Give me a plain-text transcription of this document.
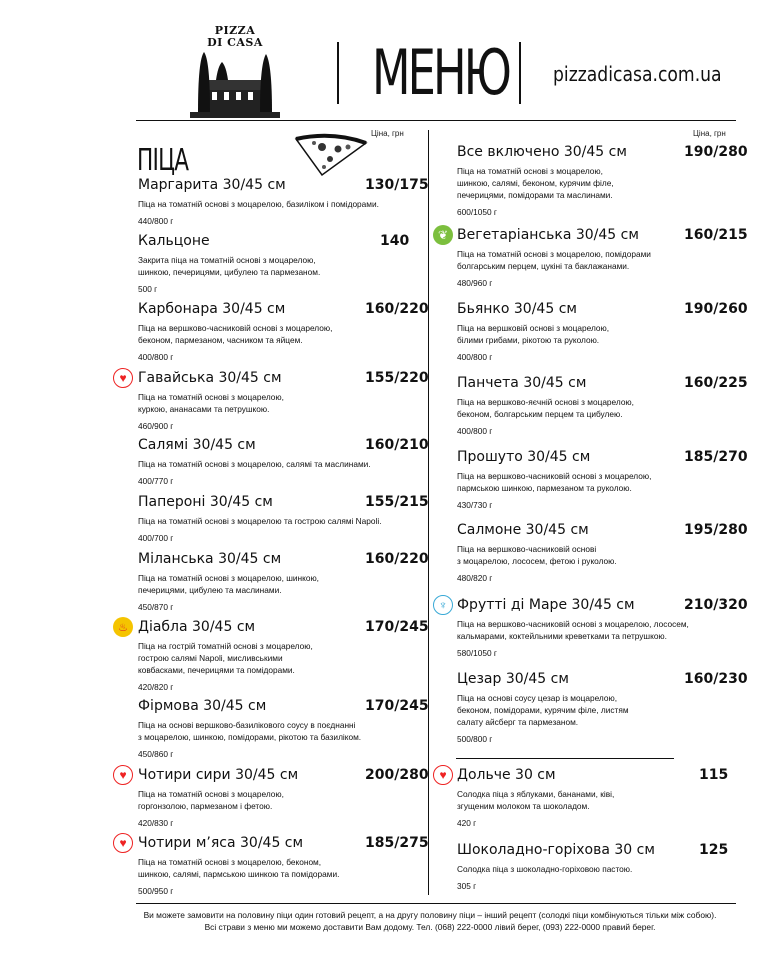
PIZZA
DI CASA МЕНЮ pizzadicasa.com.ua
Ціна, грн	Ціна, грн
ПІЦА
Маргарита 30/45 см	130/175
Піца на томатній основі з моцарелою, базиліком і помідорами.
440/800 г
Кальцоне	140
Закрита піца на томатній основі з моцарелою,
шинкою, печерицями, цибулею та пармезаном.
500 г
Карбонара 30/45 см	160/220
Піца на вершково-часниковій основі з моцарелою,
беконом, пармезаном, часником та яйцем.
400/800 г
Гавайська 30/45 см	155/220
Піца на томатній основі з моцарелою,
куркою, ананасами та петрушкою.
460/900 г
Салямі 30/45 см	160/210
Піца на томатній основі з моцарелою, салямі та маслинами.
400/770 г
Папероні 30/45 см	155/215
Піца на томатній основі з моцарелою та гострою салямі Napoli.
400/700 г
Міланська 30/45 см	160/220
Піца на томатній основі з моцарелою, шинкою,
печерицями, цибулею та маслинами.
450/870 г
Діабла 30/45 см	170/245
Піца на гострій томатній основі з моцарелою,
гострою салямі Napoli, мисливськими
ковбасками, печерицями та помідорами.
420/820 г
Фірмова 30/45 см	170/245
Піца на основі вершково-базилікового соусу в поєднанні
з моцарелою, шинкою, помідорами, рікотою та базиліком.
450/860 г
Чотири сири 30/45 см	200/280
Піца на томатній основі з моцарелою,
горгонзолою, пармезаном і фетою.
420/830 г
Чотири м’яса 30/45 см	185/275
Піца на томатній основі з моцарелою, беконом,
шинкою, салямі, пармською шинкою та помідорами.
500/950 г
Все включено 30/45 см	190/280
Піца на томатній основі з моцарелою,
шинкою, салямі, беконом, курячим філе,
печерицями, помідорами та маслинами.
600/1050 г
Вегетаріанська 30/45 см	160/215
Піца на томатній основі з моцарелою, помідорами
болгарським перцем, цукіні та баклажанами.
480/960 г
Бьянко 30/45 см	190/260
Піца на вершковій основі з моцарелою,
білими грибами, рікотою та руколою.
400/800 г
Панчета 30/45 см	160/225
Піца на вершково-яєчній основі з моцарелою,
беконом, болгарським перцем та цибулею.
400/800 г
Прошуто 30/45 см	185/270
Піца на вершково-часниковій основі з моцарелою,
пармською шинкою, пармезаном та руколою.
430/730 г
Салмоне 30/45 см	195/280
Піца на вершково-часниковій основі
з моцарелою, лососем, фетою і руколою.
480/820 г
Фрутті ді Маре 30/45 см	210/320
Піца на вершково-часниковій основі з моцарелою, лососем,
кальмарами, коктейльними креветками та петрушкою.
580/1050 г
Цезар 30/45 см	160/230
Піца на основі соусу цезар із моцарелою,
беконом, помідорами, курячим філе, листям
салату айсберг та пармезаном.
500/800 г
Дольче 30 см	115
Солодка піца з яблуками, бананами, ківі,
згущеним молоком та шоколадом.
420 г
Шоколадно-горіхова 30 см	125
Солодка піца з шоколадно-горіховою пастою.
305 г
Ви можете замовити на половину піци один готовий рецепт, а на другу половину піци – інший рецепт (солодкі піци комбінуються тільки між собою).
Всі страви з меню ми можемо доставити Вам додому. Тел. (068) 222-0000 лівий берег, (093) 222-0000 правий берег.
♥
♨
♥
♥
❦
♆
♥
